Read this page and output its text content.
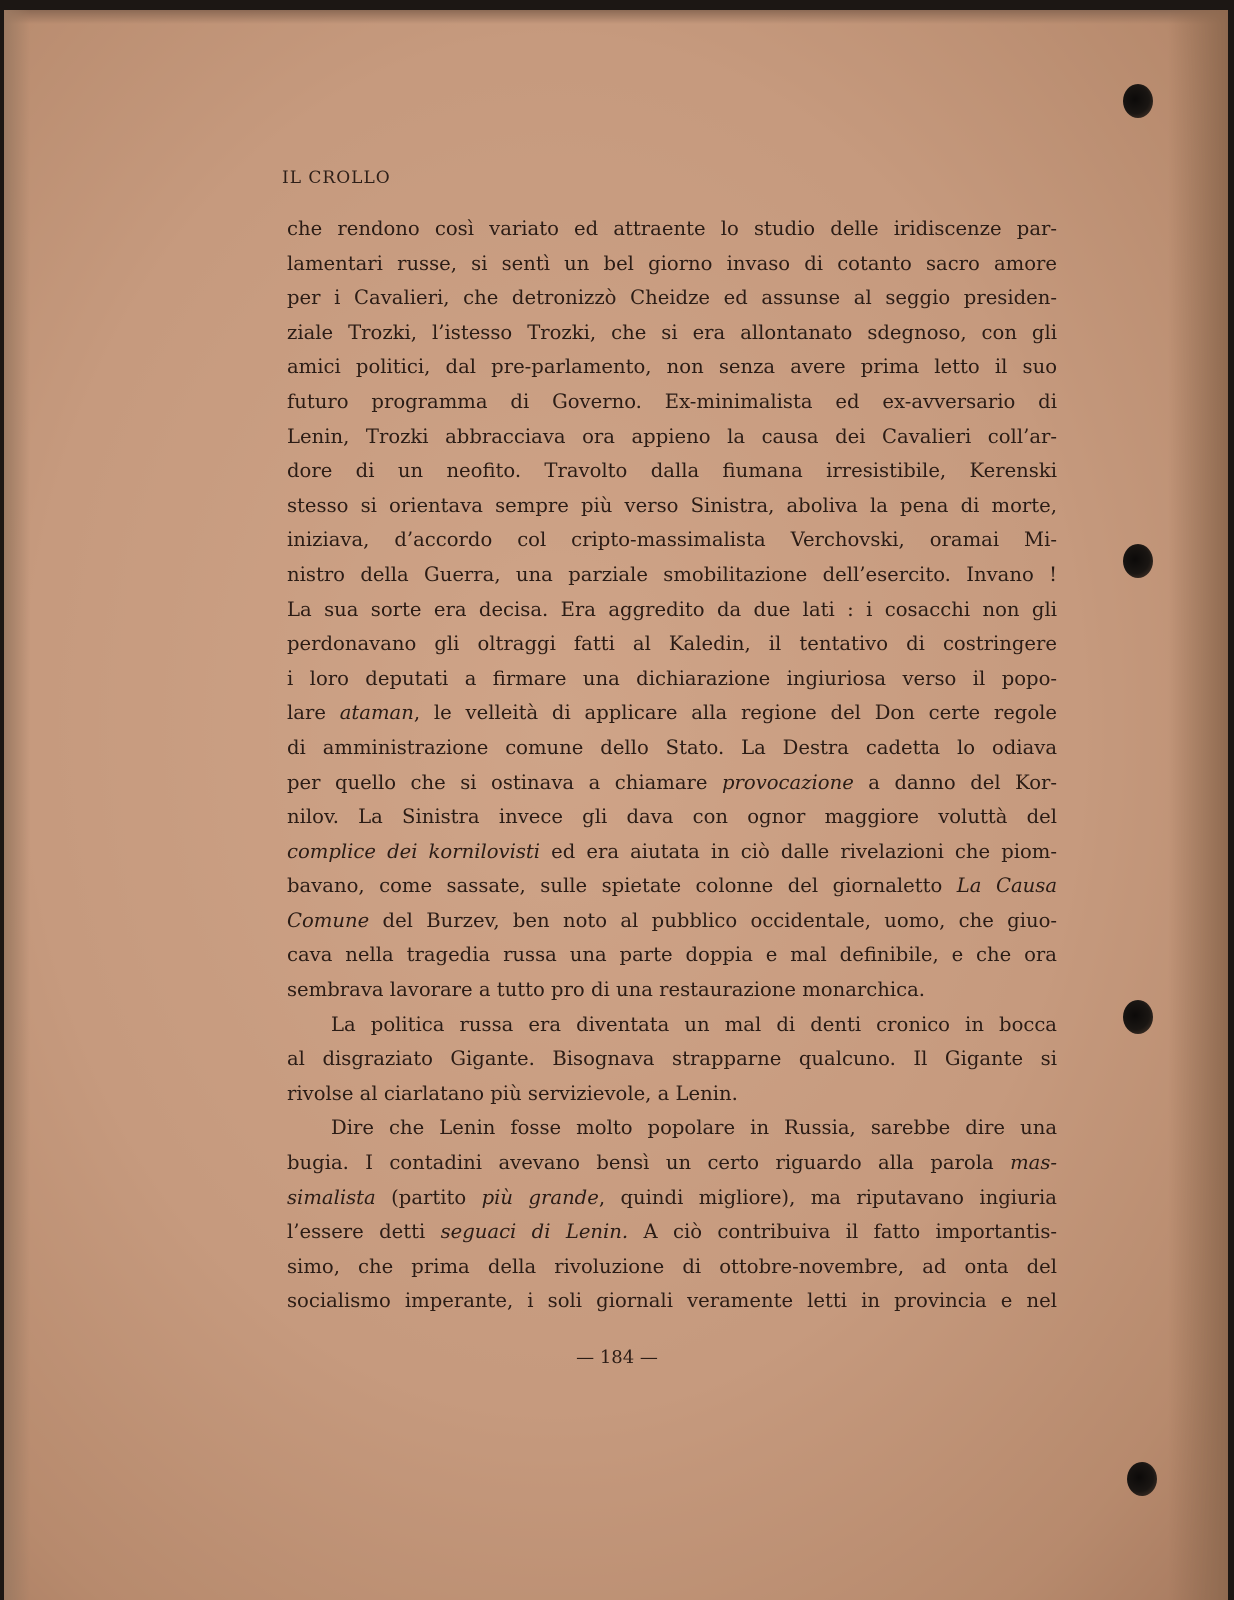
IL CROLLO
che rendono così variato ed attraente lo studio delle iridiscenze par-
lamentari russe, si sentì un bel giorno invaso di cotanto sacro amore
per i Cavalieri, che detronizzò Cheidze ed assunse al seggio presiden-
ziale Trozki, l’istesso Trozki, che si era allontanato sdegnoso, con gli
amici politici, dal pre-parlamento, non senza avere prima letto il suo
futuro programma di Governo. Ex-minimalista ed ex-avversario di
Lenin, Trozki abbracciava ora appieno la causa dei Cavalieri coll’ar-
dore di un neofito. Travolto dalla fiumana irresistibile, Kerenski
stesso si orientava sempre più verso Sinistra, aboliva la pena di morte,
iniziava, d’accordo col cripto-massimalista Verchovski, oramai Mi-
nistro della Guerra, una parziale smobilitazione dell’esercito. Invano !
La sua sorte era decisa. Era aggredito da due lati : i cosacchi non gli
perdonavano gli oltraggi fatti al Kaledin, il tentativo di costringere
i loro deputati a firmare una dichiarazione ingiuriosa verso il popo-
lare ataman, le velleità di applicare alla regione del Don certe regole
di amministrazione comune dello Stato. La Destra cadetta lo odiava
per quello che si ostinava a chiamare provocazione a danno del Kor-
nilov. La Sinistra invece gli dava con ognor maggiore voluttà del
complice dei kornilovisti ed era aiutata in ciò dalle rivelazioni che piom-
bavano, come sassate, sulle spietate colonne del giornaletto La Causa
Comune del Burzev, ben noto al pubblico occidentale, uomo, che giuo-
cava nella tragedia russa una parte doppia e mal definibile, e che ora
sembrava lavorare a tutto pro di una restaurazione monarchica.
La politica russa era diventata un mal di denti cronico in bocca
al disgraziato Gigante. Bisognava strapparne qualcuno. Il Gigante si
rivolse al ciarlatano più servizievole, a Lenin.
Dire che Lenin fosse molto popolare in Russia, sarebbe dire una
bugia. I contadini avevano bensì un certo riguardo alla parola mas-
simalista (partito più grande, quindi migliore), ma riputavano ingiuria
l’essere detti seguaci di Lenin. A ciò contribuiva il fatto importantis-
simo, che prima della rivoluzione di ottobre-novembre, ad onta del
socialismo imperante, i soli giornali veramente letti in provincia e nel
— 184 —
